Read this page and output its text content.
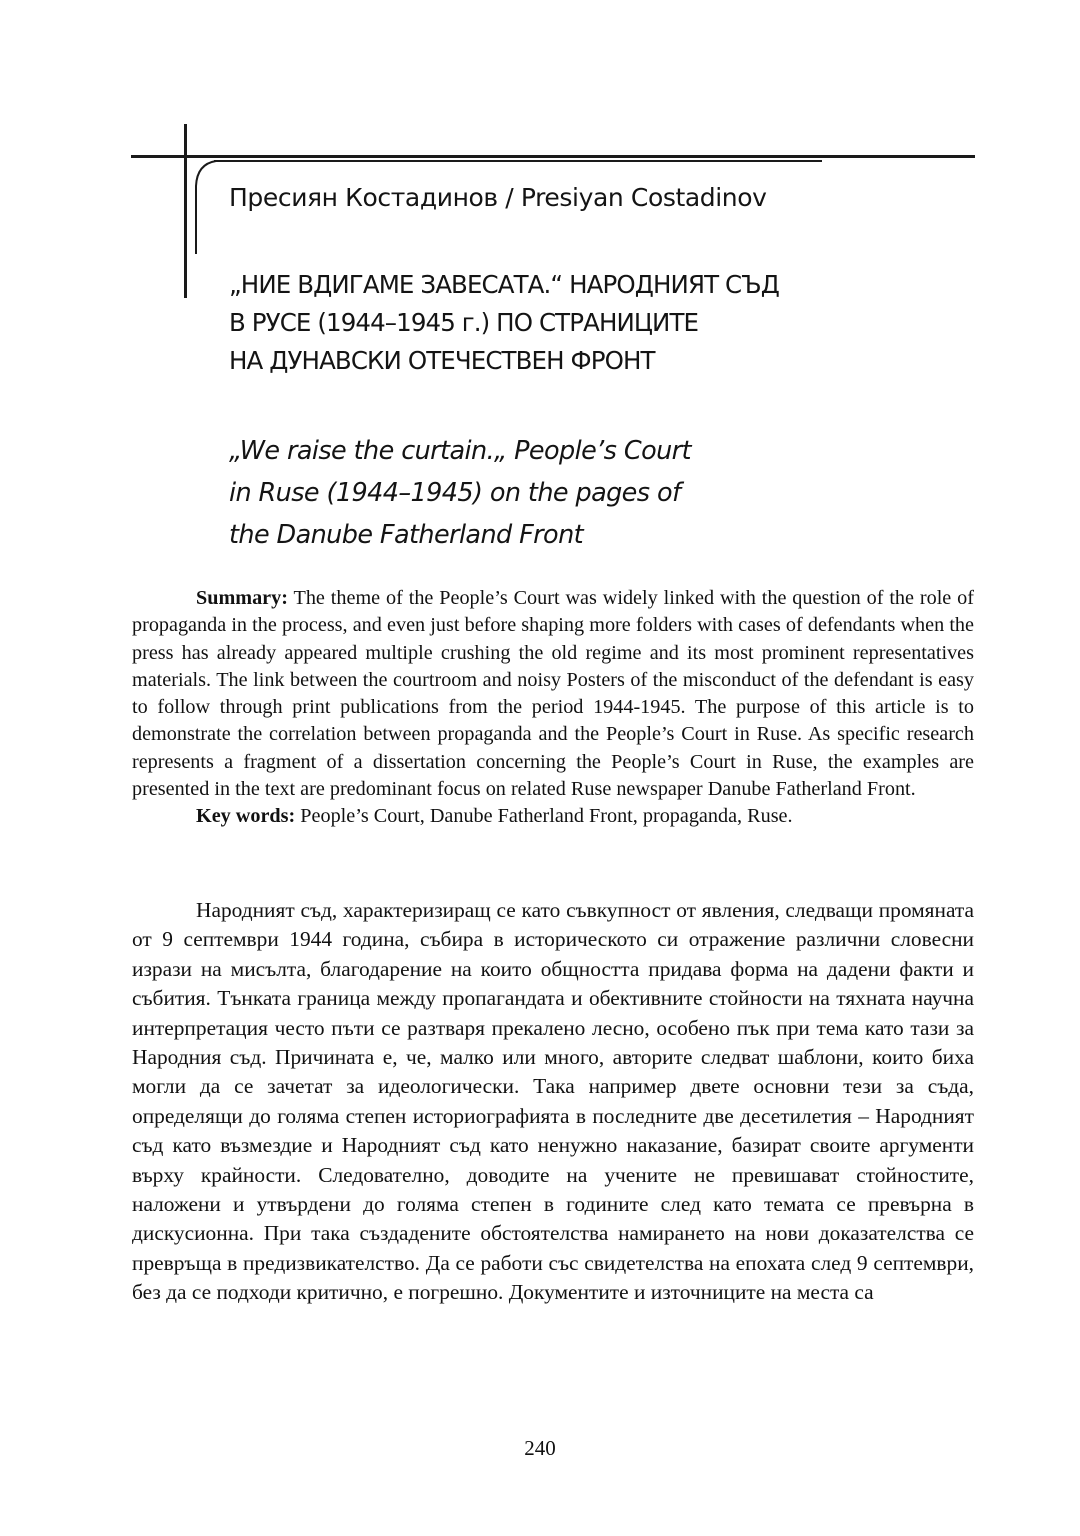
Пресиян Костадинов / Presiyan Costadinov
„НИЕ ВДИГАМЕ ЗАВЕСАТА.“ НАРОДНИЯТ СЪД
В РУСЕ (1944–1945 г.) ПО СТРАНИЦИТЕ
НА ДУНАВСКИ ОТЕЧЕСТВЕН ФРОНТ
„We raise the curtain.„ People’s Court
in Ruse (1944–1945) on the pages of
the Danube Fatherland Front

Summary: The theme of the People’s Court was widely linked with the question of the role of propaganda in the process, and even just before shaping more folders with cases of defendants when the press has already appeared multiple crushing the old regime and its most prominent representatives materials. The link between the courtroom and noisy Posters of the misconduct of the defendant is easy to follow through print publications from the period 1944-1945. The purpose of this article is to demonstrate the correlation between propaganda and the People’s Court in Ruse. As specific research represents a fragment of a dissertation concerning the People’s Court in Ruse, the examples are presented in the text are predominant focus on related Ruse newspaper Danube Fatherland Front.

Key words: People’s Court, Danube Fatherland Front, propaganda, Ruse.

Народният съд, характеризиращ се като съвкупност от явления, следващи промяната от 9 септември 1944 година, събира в историческото си отражение различни словесни изрази на мисълта, благодарение на които общността придава форма на дадени факти и събития. Тънката граница между пропагандата и обективните стойности на тяхната научна интерпретация често пъти се разтваря прекалено лесно, особено пък при тема като тази за Народния съд. Причината е, че, малко или много, авторите следват шаблони, които биха могли да се зачетат за идеологически. Така например двете основни тези за съда, определящи до голяма степен историографията в последните две десетилетия – Народният съд като възмездие и Народният съд като ненужно наказание, базират своите аргументи върху крайности. Следователно, доводите на учените не превишават стойностите, наложени и утвърдени до голяма степен в годините след като темата се превърна в дискусионна. При така създадените обстоятелства намирането на нови доказателства се превръща в предизвикателство. Да се работи със свидетелства на епохата след 9 септември, без да се подходи критично, е погрешно. Документите и източниците на места са

240
